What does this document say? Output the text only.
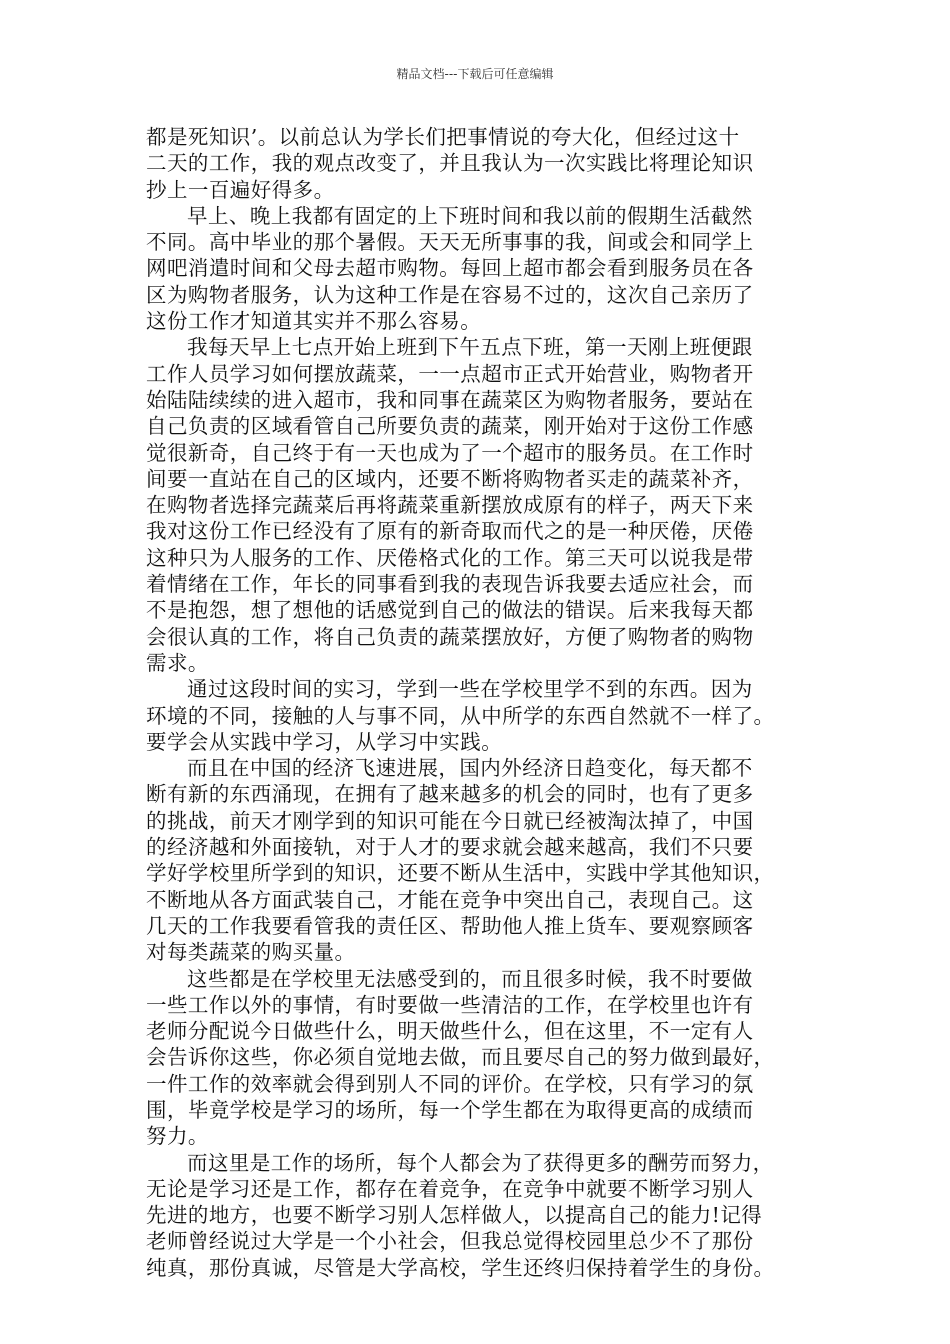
精品文档---下载后可任意编辑
都是死知识’。以前总认为学长们把事情说的夸大化，但经过这十
二天的工作，我的观点改变了，并且我认为一次实践比将理论知识
抄上一百遍好得多。
早上、晚上我都有固定的上下班时间和我以前的假期生活截然
不同。高中毕业的那个暑假。天天无所事事的我，间或会和同学上
网吧消遣时间和父母去超市购物。每回上超市都会看到服务员在各
区为购物者服务，认为这种工作是在容易不过的，这次自己亲历了
这份工作才知道其实并不那么容易。
我每天早上七点开始上班到下午五点下班，第一天刚上班便跟
工作人员学习如何摆放蔬菜，一一点超市正式开始营业，购物者开
始陆陆续续的进入超市，我和同事在蔬菜区为购物者服务，要站在
自己负责的区域看管自己所要负责的蔬菜，刚开始对于这份工作感
觉很新奇，自己终于有一天也成为了一个超市的服务员。在工作时
间要一直站在自己的区域内，还要不断将购物者买走的蔬菜补齐，
在购物者选择完蔬菜后再将蔬菜重新摆放成原有的样子，两天下来
我对这份工作已经没有了原有的新奇取而代之的是一种厌倦，厌倦
这种只为人服务的工作、厌倦格式化的工作。第三天可以说我是带
着情绪在工作，年长的同事看到我的表现告诉我要去适应社会，而
不是抱怨，想了想他的话感觉到自己的做法的错误。后来我每天都
会很认真的工作，将自己负责的蔬菜摆放好，方便了购物者的购物
需求。
通过这段时间的实习，学到一些在学校里学不到的东西。因为
环境的不同，接触的人与事不同，从中所学的东西自然就不一样了。
要学会从实践中学习，从学习中实践。
而且在中国的经济飞速进展，国内外经济日趋变化，每天都不
断有新的东西涌现，在拥有了越来越多的机会的同时，也有了更多
的挑战，前天才刚学到的知识可能在今日就已经被淘汰掉了，中国
的经济越和外面接轨，对于人才的要求就会越来越高，我们不只要
学好学校里所学到的知识，还要不断从生活中，实践中学其他知识，
不断地从各方面武装自己，才能在竞争中突出自己，表现自己。这
几天的工作我要看管我的责任区、帮助他人推上货车、要观察顾客
对每类蔬菜的购买量。
这些都是在学校里无法感受到的，而且很多时候，我不时要做
一些工作以外的事情，有时要做一些清洁的工作，在学校里也许有
老师分配说今日做些什么，明天做些什么，但在这里，不一定有人
会告诉你这些，你必须自觉地去做，而且要尽自己的努力做到最好，
一件工作的效率就会得到别人不同的评价。在学校，只有学习的氛
围，毕竟学校是学习的场所，每一个学生都在为取得更高的成绩而
努力。
而这里是工作的场所，每个人都会为了获得更多的酬劳而努力，
无论是学习还是工作，都存在着竞争，在竞争中就要不断学习别人
先进的地方，也要不断学习别人怎样做人，以提高自己的能力!记得
老师曾经说过大学是一个小社会，但我总觉得校园里总少不了那份
纯真，那份真诚，尽管是大学高校，学生还终归保持着学生的身份。
